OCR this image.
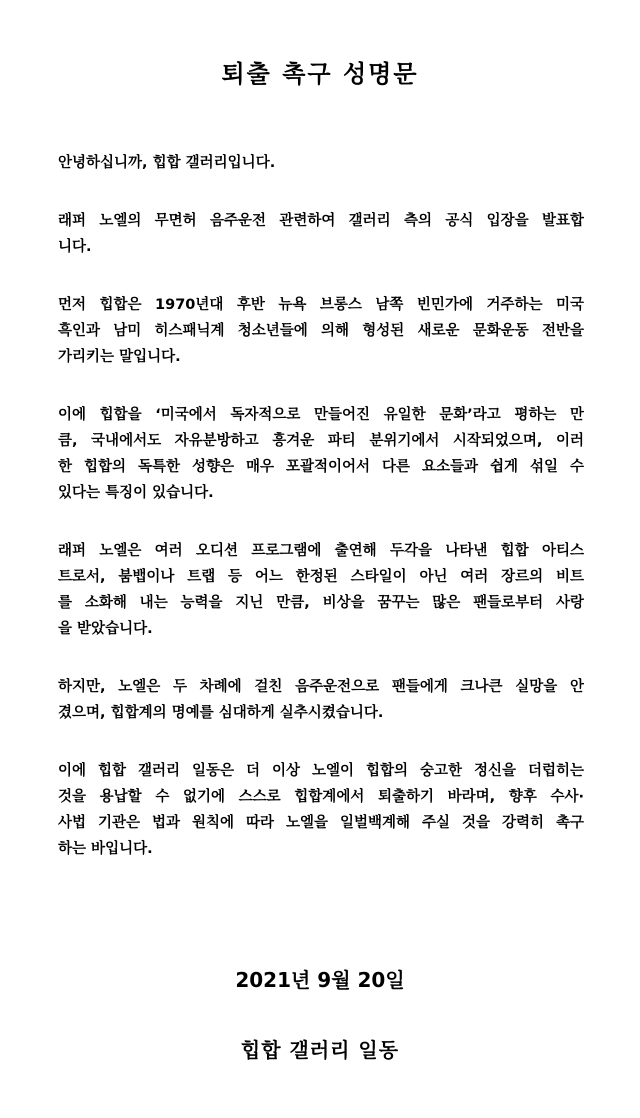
퇴출 촉구 성명문
안녕하십니까, 힙합 갤러리입니다.
래퍼 노엘의 무면허 음주운전 관련하여 갤러리 측의 공식 입장을 발표합
니다.
먼저 힙합은 1970년대 후반 뉴욕 브롱스 남쪽 빈민가에 거주하는 미국
흑인과 남미 히스패닉계 청소년들에 의해 형성된 새로운 문화운동 전반을
가리키는 말입니다.
이에 힙합을 ‘미국에서 독자적으로 만들어진 유일한 문화’라고 평하는 만
큼, 국내에서도 자유분방하고 흥겨운 파티 분위기에서 시작되었으며, 이러
한 힙합의 독특한 성향은 매우 포괄적이어서 다른 요소들과 쉽게 섞일 수
있다는 특징이 있습니다.
래퍼 노엘은 여러 오디션 프로그램에 출연해 두각을 나타낸 힙합 아티스
트로서, 붐뱁이나 트랩 등 어느 한정된 스타일이 아닌 여러 장르의 비트
를 소화해 내는 능력을 지닌 만큼, 비상을 꿈꾸는 많은 팬들로부터 사랑
을 받았습니다.
하지만, 노엘은 두 차례에 걸친 음주운전으로 팬들에게 크나큰 실망을 안
겼으며, 힙합계의 명예를 심대하게 실추시켰습니다.
이에 힙합 갤러리 일동은 더 이상 노엘이 힙합의 숭고한 정신을 더럽히는
것을 용납할 수 없기에 스스로 힙합계에서 퇴출하기 바라며, 향후 수사·
사법 기관은 법과 원칙에 따라 노엘을 일벌백계해 주실 것을 강력히 촉구
하는 바입니다.
2021년 9월 20일
힙합 갤러리 일동
